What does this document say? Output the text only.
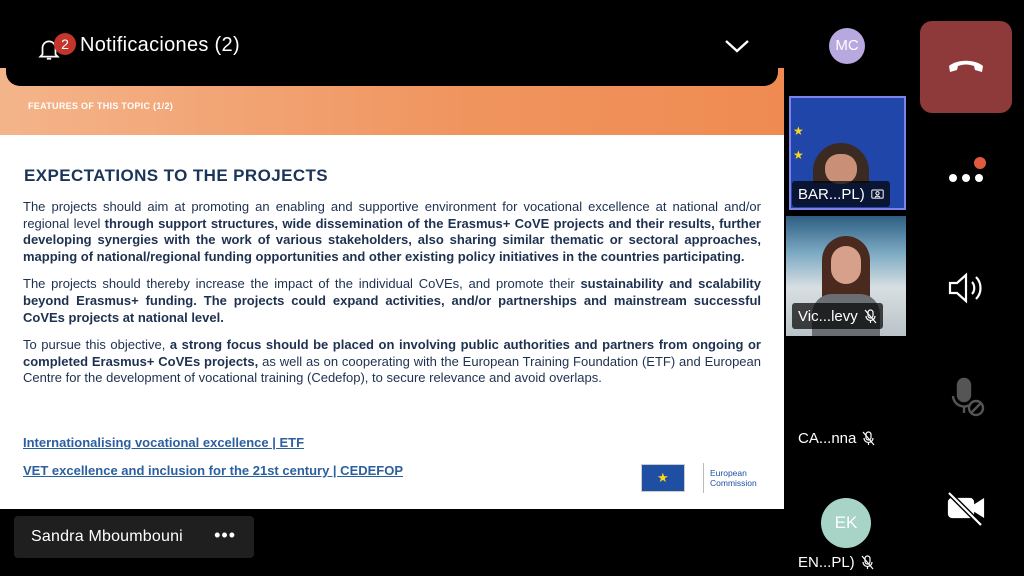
FEATURES OF THIS TOPIC (1/2)
EXPECTATIONS TO THE PROJECTS

The projects should aim at promoting an enabling and supportive environment for vocational excellence at national and/or regional level through support structures, wide dissemination of the Erasmus+ CoVE projects and their results, further developing synergies with the work of various stakeholders, also sharing similar thematic or sectoral approaches, mapping of national/regional funding opportunities and other existing policy initiatives in the countries participating.

The projects should thereby increase the impact of the individual CoVEs, and promote their sustainability and scalability beyond Erasmus+ funding. The projects could expand activities, and/or partnerships and mainstream successful CoVEs projects at national level.

To pursue this objective, a strong focus should be placed on involving public authorities and partners from ongoing or completed Erasmus+ CoVEs projects, as well as on cooperating with the European Training Foundation (ETF) and European Centre for the development of vocational training (Cedefop), to secure relevance and avoid overlaps.

Internationalising vocational excellence | ETF
VET excellence and inclusion for the 21st century | CEDEFOP
★	European
Commission
2 Notificaciones (2)
Sandra Mboumbouni •••
MC
★
★
BAR...PL)
Vic...levy
CA...nna
EK
EN...PL)
